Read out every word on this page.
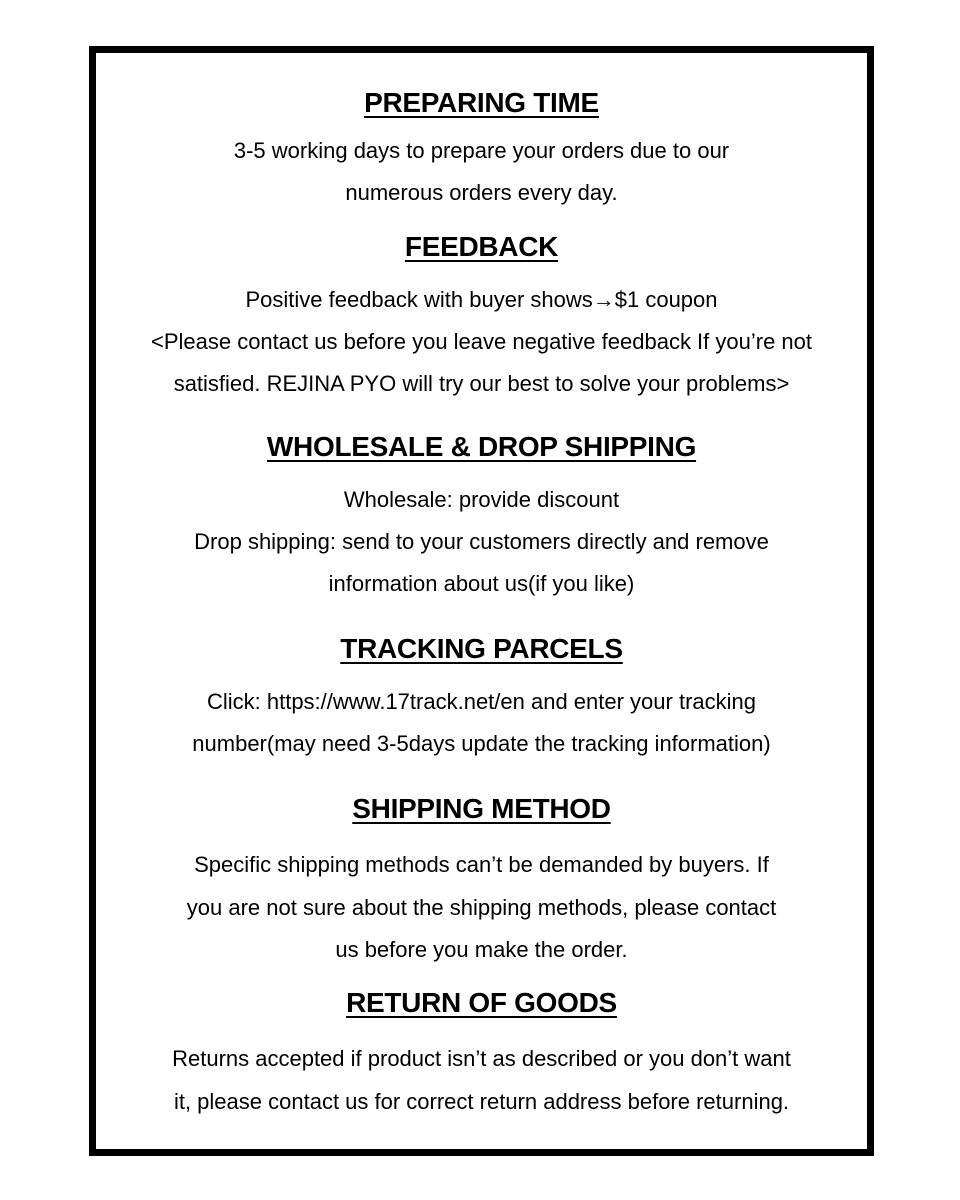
PREPARING TIME
3-5 working days to prepare your orders due to our
numerous orders every day.
FEEDBACK
Positive feedback with buyer shows→$1 coupon
<Please contact us before you leave negative feedback If you’re not
satisfied. REJINA PYO will try our best to solve your problems>
WHOLESALE & DROP SHIPPING
Wholesale: provide discount
Drop shipping: send to your customers directly and remove
information about us(if you like)
TRACKING PARCELS
Click: https://www.17track.net/en and enter your tracking
number(may need 3-5days update the tracking information)
SHIPPING METHOD
Specific shipping methods can’t be demanded by buyers. If
you are not sure about the shipping methods, please contact
us before you make the order.
RETURN OF GOODS
Returns accepted if product isn’t as described or you don’t want
it, please contact us for correct return address before returning.
